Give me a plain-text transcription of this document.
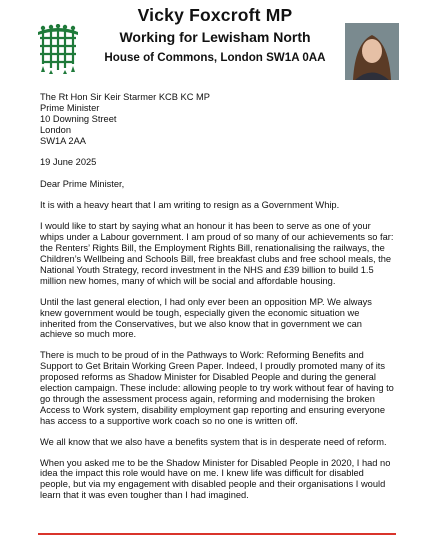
Vicky Foxcroft MP
Working for Lewisham North
House of Commons, London SW1A 0AA
The Rt Hon Sir Keir Starmer KCB KC MP
Prime Minister
10 Downing Street
London
SW1A 2AA
19 June 2025
Dear Prime Minister,
It is with a heavy heart that I am writing to resign as a Government Whip.
I would like to start by saying what an honour it has been to serve as one of your whips under a Labour government. I am proud of so many of our achievements so far: the Renters’ Rights Bill, the Employment Rights Bill, renationalising the railways, the Children’s Wellbeing and Schools Bill, free breakfast clubs and free school meals, the National Youth Strategy, record investment in the NHS and £39 billion to build 1.5 million new homes, many of which will be social and affordable housing.
Until the last general election, I had only ever been an opposition MP. We always knew government would be tough, especially given the economic situation we inherited from the Conservatives, but we also know that in government we can achieve so much more.
There is much to be proud of in the Pathways to Work: Reforming Benefits and Support to Get Britain Working Green Paper. Indeed, I proudly promoted many of its proposed reforms as Shadow Minister for Disabled People and during the general election campaign. These include: allowing people to try work without fear of having to go through the assessment process again, reforming and modernising the broken Access to Work system, disability employment gap reporting and ensuring everyone has access to a supportive work coach so no one is written off.
We all know that we also have a benefits system that is in desperate need of reform.
When you asked me to be the Shadow Minister for Disabled People in 2020, I had no idea the impact this role would have on me. I knew life was difficult for disabled people, but via my engagement with disabled people and their organisations I would learn that it was even tougher than I had imagined.
